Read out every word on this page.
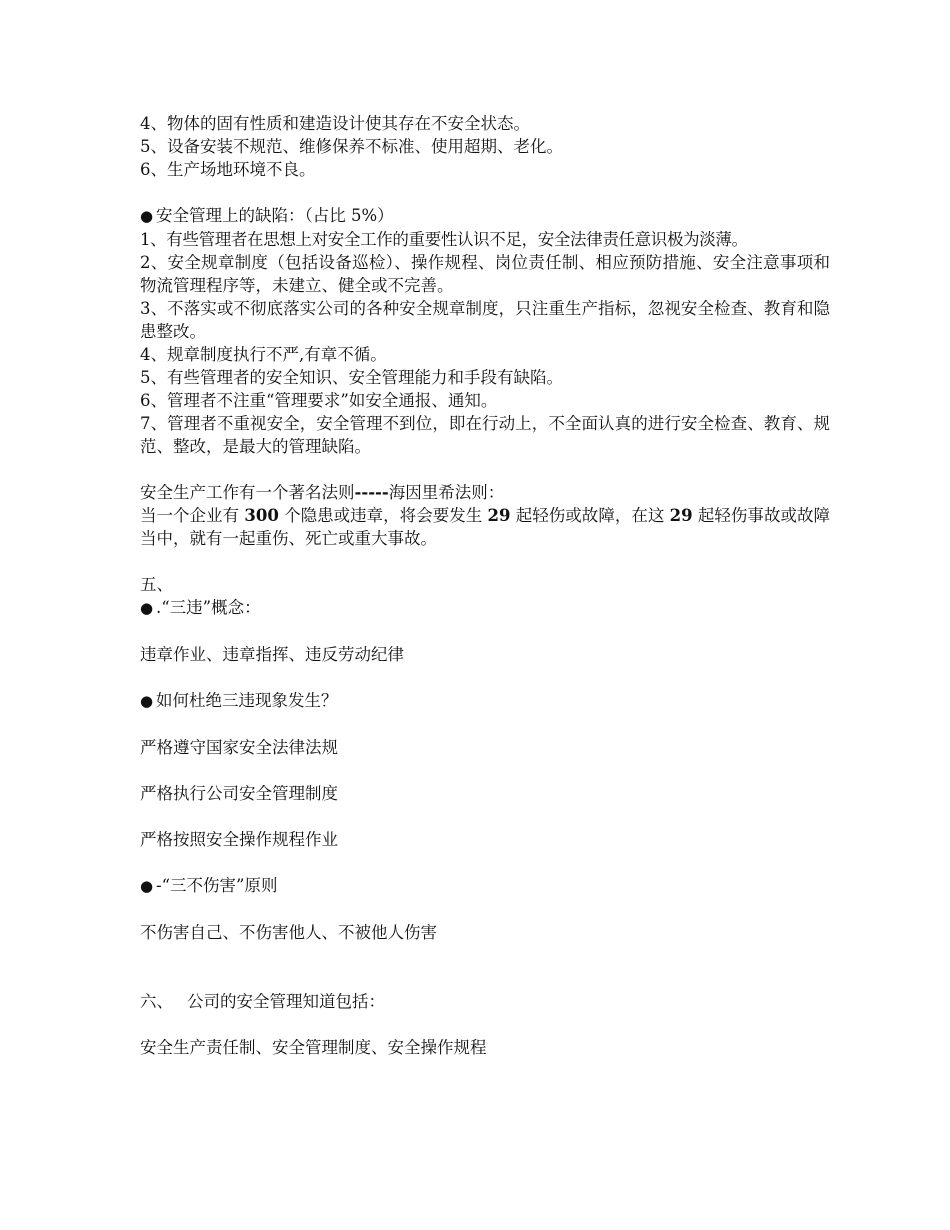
4、物体的固有性质和建造设计使其存在不安全状态。

5、设备安装不规范、维修保养不标准、使用超期、老化。

6、生产场地环境不良。

● 安全管理上的缺陷：（占比 5%）

1、有些管理者在思想上对安全工作的重要性认识不足，安全法律责任意识极为淡薄。

2、安全规章制度（包括设备巡检）、操作规程、岗位责任制、相应预防措施、安全注意事项和物流管理程序等，未建立、健全或不完善。

3、不落实或不彻底落实公司的各种安全规章制度，只注重生产指标，忽视安全检查、教育和隐患整改。

4、规章制度执行不严,有章不循。

5、有些管理者的安全知识、安全管理能力和手段有缺陷。

6、管理者不注重“管理要求”如安全通报、通知。

7、管理者不重视安全，安全管理不到位，即在行动上，不全面认真的进行安全检查、教育、规范、整改，是最大的管理缺陷。

安全生产工作有一个著名法则-----海因里希法则：

当一个企业有 300 个隐患或违章，将会要发生 29 起轻伤或故障，在这 29 起轻伤事故或故障当中，就有一起重伤、死亡或重大事故。

五、

● .“三违”概念：

违章作业、违章指挥、违反劳动纪律

● 如何杜绝三违现象发生？

严格遵守国家安全法律法规

严格执行公司安全管理制度

严格按照安全操作规程作业

● -“三不伤害”原则

不伤害自己、不伤害他人、不被他人伤害

六、 公司的安全管理知道包括：

安全生产责任制、安全管理制度、安全操作规程
